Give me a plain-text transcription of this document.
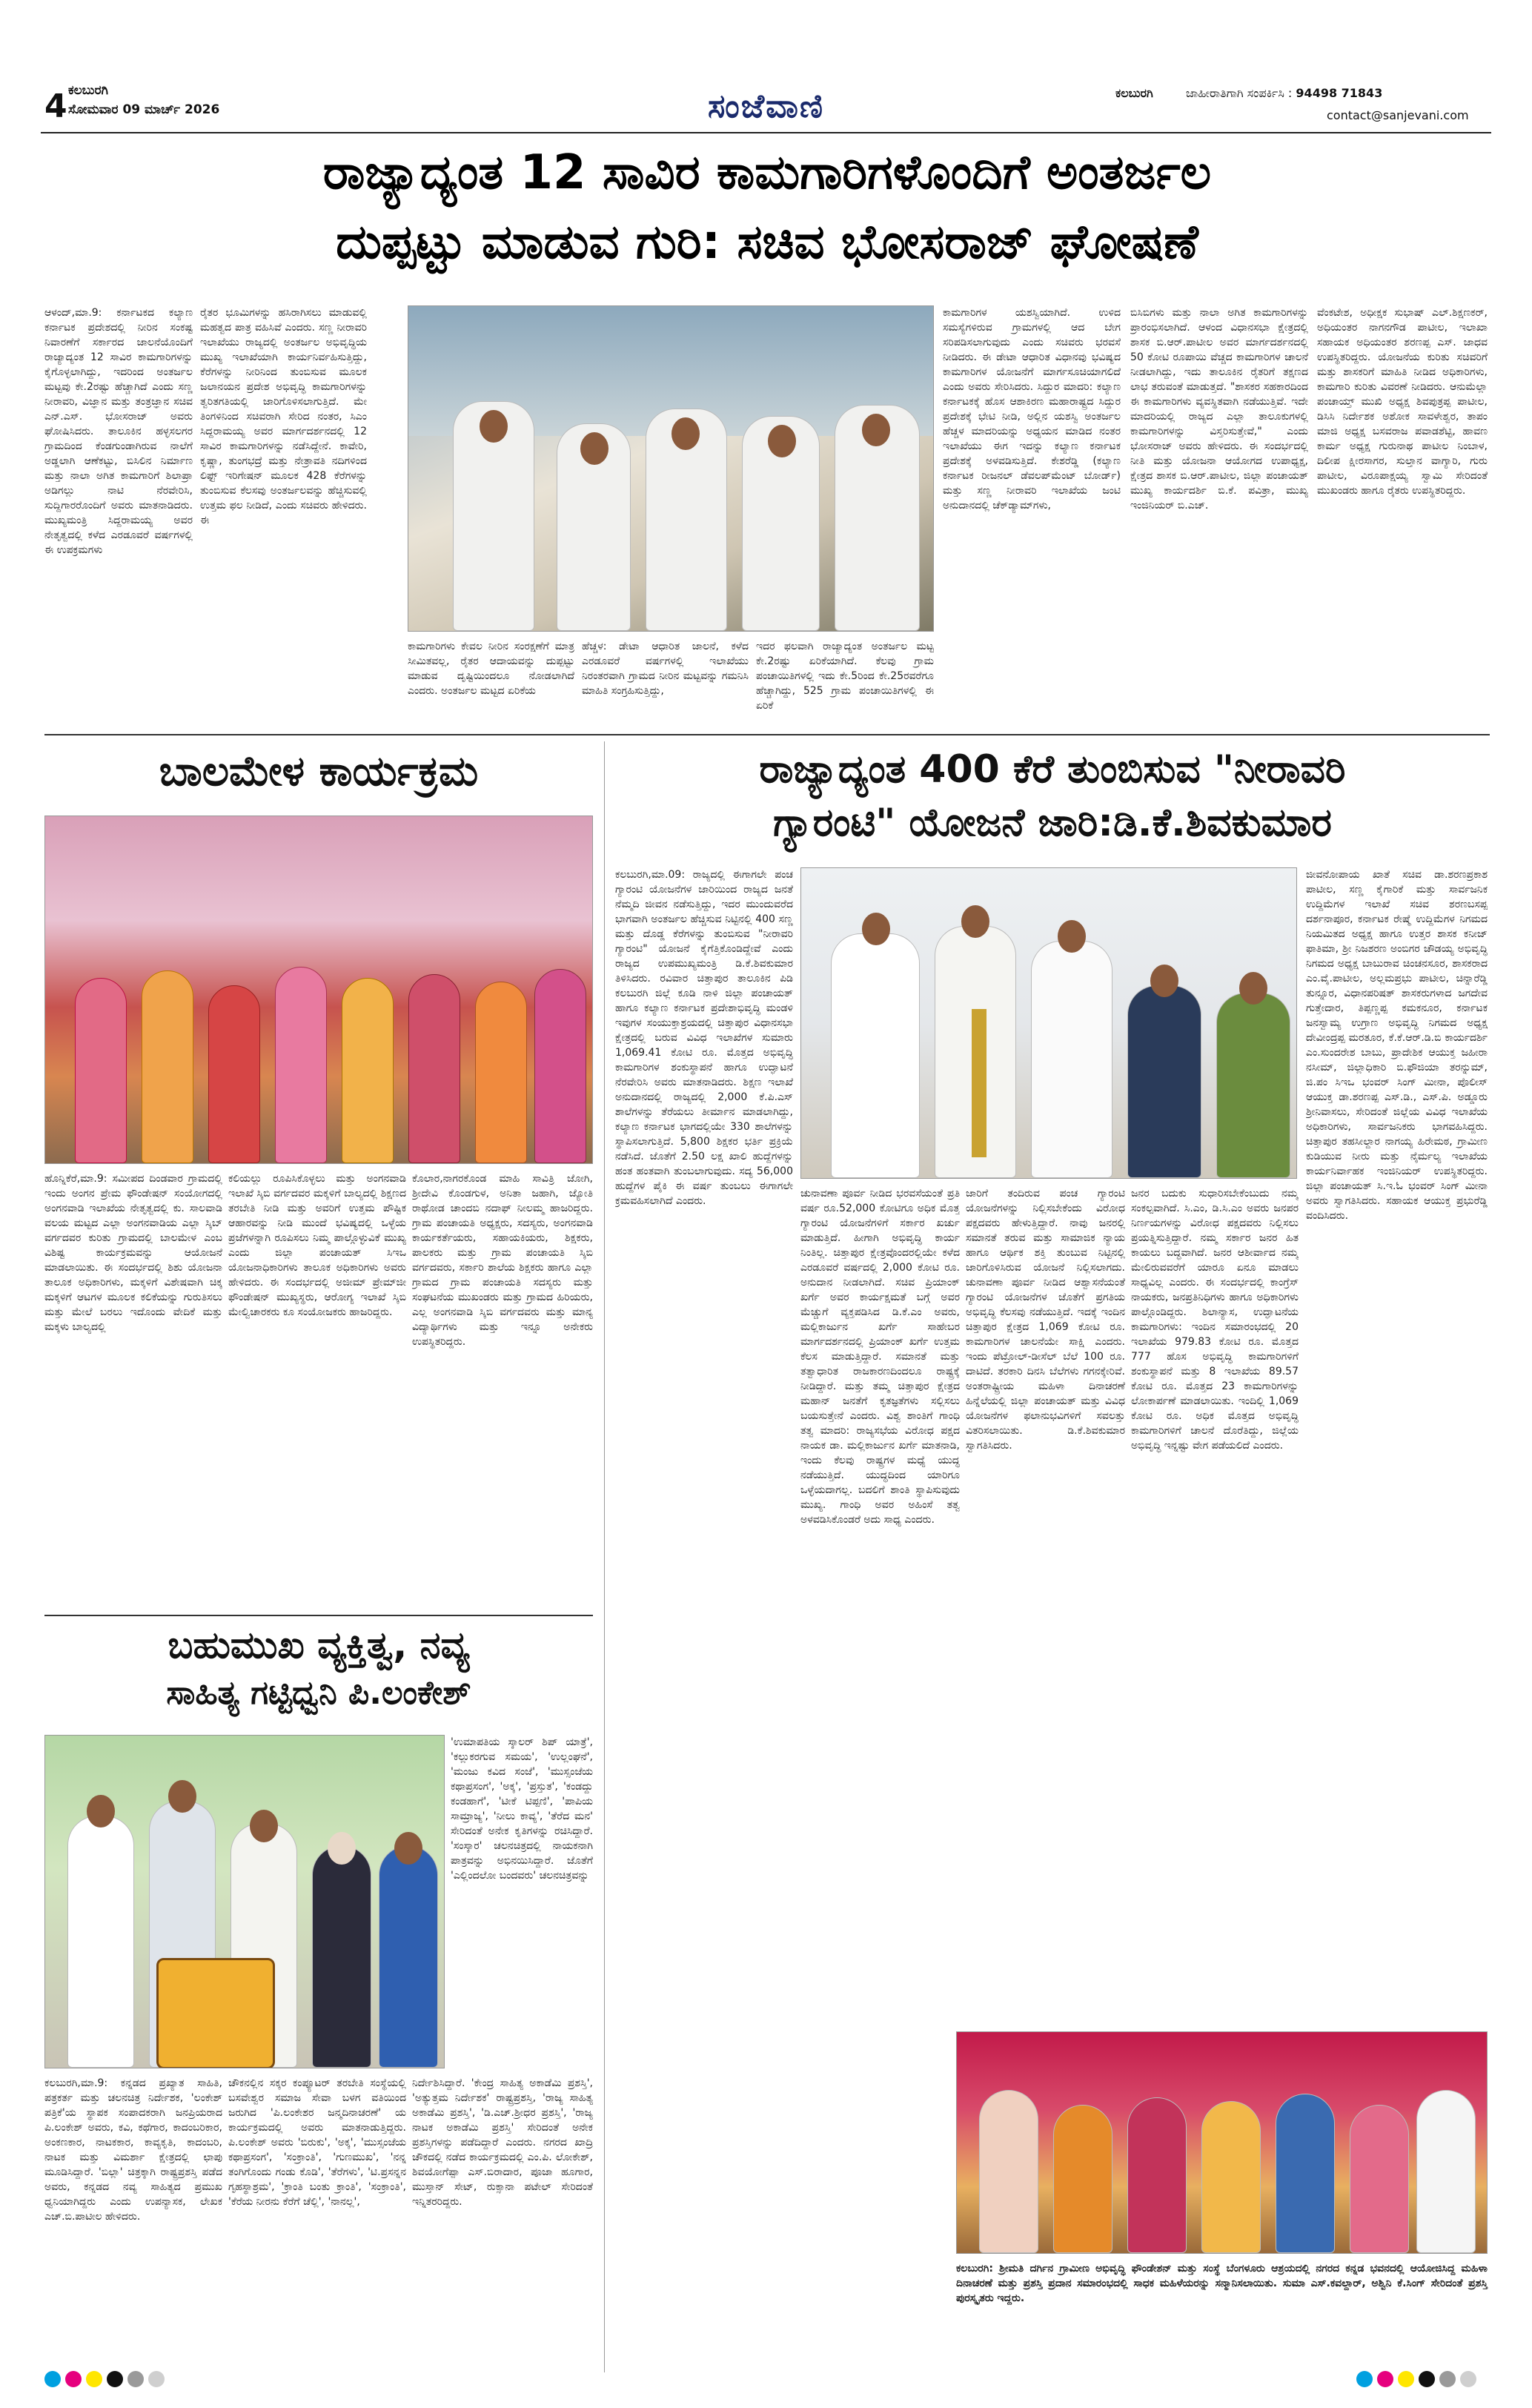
4 ಕಲಬುರಗಿ
ಸೋಮವಾರ 09 ಮಾರ್ಚ್ 2026	ಸಂಜೆವಾಣಿ	ಕಲಬುರಗಿ	ಜಾಹೀರಾತಿಗಾಗಿ ಸಂಪರ್ಕಿಸಿ : 94498 71843
contact@sanjevani.com
ರಾಜ್ಯಾದ್ಯಂತ 12 ಸಾವಿರ ಕಾಮಗಾರಿಗಳೊಂದಿಗೆ ಅಂತರ್ಜಲ
ದುಪ್ಪಟ್ಟು ಮಾಡುವ ಗುರಿ: ಸಚಿವ ಭೋಸರಾಜ್ ಘೋಷಣೆ
ಆಳಂದ್,ಮಾ.9: ಕರ್ನಾಟಕದ ಕಲ್ಯಾಣ ಕರ್ನಾಟಕ ಪ್ರದೇಶದಲ್ಲಿ ನೀರಿನ ಸಂಕಷ್ಟ ನಿವಾರಣೆಗೆ ಸರ್ಕಾರದ ಜಾಲನೆಯೊಂದಿಗೆ ರಾಜ್ಯಾದ್ಯಂತ 12 ಸಾವಿರ ಕಾಮಗಾರಿಗಳನ್ನು ಕೈಗೊಳ್ಳಲಾಗಿದ್ದು, ಇದರಿಂದ ಅಂತರ್ಜಲ ಮಟ್ಟವು ಕೇ.2ರಷ್ಟು ಹೆಚ್ಚಾಗಿದೆ ಎಂದು ಸಣ್ಣ ನೀರಾವರಿ, ವಿಜ್ಞಾನ ಮತ್ತು ತಂತ್ರಜ್ಞಾನ ಸಚಿವ ಎನ್.ಎಸ್. ಭೋಸರಾಜ್ ಅವರು ಘೋಷಿಸಿದರು. ತಾಲೂಕಿನ ಹಳ್ಳಸಲಗರ ಗ್ರಾಮದಿಂದ ಕೆಂಡಗುಂಡಾಗಿರುವ ನಾಲೆಗೆ ಅಡ್ಡಲಾಗಿ ಆಣೆಕಟ್ಟು, ಬಿಸಿಲಿನ ನಿರ್ಮಾಣ ಮತ್ತು ನಾಲಾ ಅಗಿತ ಕಾಮಗಾರಿಗೆ ಶಿಲಾಪ್ರಾ ಅಡಿಗಲ್ಲು ನಾಟಿ ನೆರವೇರಿಸಿ, ಸುದ್ದಿಗಾರರೊಂದಿಗೆ ಅವರು ಮಾತನಾಡಿದರು. ಮುಖ್ಯಮಂತ್ರಿ ಸಿದ್ದರಾಮಯ್ಯ ಅವರ ನೇತೃತ್ವದಲ್ಲಿ ಕಳೆದ ಎರಡೂವರೆ ವರ್ಷಗಳಲ್ಲಿ ಈ ಉಪಕ್ರಮಗಳು
ರೈತರ ಭೂಮಿಗಳನ್ನು ಹಸಿರಾಗಿಸಲು ಮಾಡುವಲ್ಲಿ ಮಹತ್ವದ ಪಾತ್ರ ವಹಿಸಿವೆ ಎಂದರು. ಸಣ್ಣ ನೀರಾವರಿ ಇಲಾಖೆಯು ರಾಜ್ಯದಲ್ಲಿ ಅಂತರ್ಜಲ ಅಭಿವೃದ್ಧಿಯ ಮುಖ್ಯ ಇಲಾಖೆಯಾಗಿ ಕಾರ್ಯನಿರ್ವಹಿಸುತ್ತಿದ್ದು, ಕೆರೆಗಳನ್ನು ನೀರಿನಿಂದ ತುಂಬಿಸುವ ಮೂಲಕ ಜಲಾನಯನ ಪ್ರದೇಶ ಅಭಿವೃದ್ಧಿ ಕಾಮಗಾರಿಗಳನ್ನು ತ್ವರಿತಗತಿಯಲ್ಲಿ ಜಾರಿಗೊಳಿಸಲಾಗುತ್ತಿದೆ. ಮೇ ತಿಂಗಳಿನಿಂದ ಸಚಿವರಾಗಿ ಸೇರಿದ ನಂತರ, ಸಿಎಂ ಸಿದ್ದರಾಮಯ್ಯ ಅವರ ಮಾರ್ಗದರ್ಶನದಲ್ಲಿ 12 ಸಾವಿರ ಕಾಮಗಾರಿಗಳನ್ನು ನಡೆಸಿದ್ದೇನೆ. ಕಾವೇರಿ, ಕೃಷ್ಣಾ, ತುಂಗಭದ್ರೆ ಮತ್ತು ನೇತ್ರಾವತಿ ನದಿಗಳಿಂದ ಲಿಫ್ಟ್ ಇರಿಗೇಷನ್ ಮೂಲಕ 428 ಕೆರೆಗಳನ್ನು ತುಂಬಿಸುವ ಕೆಲಸವು ಅಂತರ್ಜಲವನ್ನು ಹೆಚ್ಚಿಸುವಲ್ಲಿ ಉತ್ತಮ ಫಲ ನೀಡಿದೆ, ಎಂದು ಸಚಿವರು ಹೇಳಿದರು. ಈ
ಕಾಮಗಾರಿಗಳು ಕೇವಲ ನೀರಿನ ಸಂರಕ್ಷಣೆಗೆ ಮಾತ್ರ ಸೀಮಿತವಲ್ಲ, ರೈತರ ಆದಾಯವನ್ನು ದುಪ್ಪಟ್ಟು ಮಾಡುವ ದೃಷ್ಟಿಯಿಂದಲೂ ನೋಡಲಾಗಿದೆ ಎಂದರು. ಅಂತರ್ಜಲ ಮಟ್ಟದ ಏರಿಕೆಯ
ಹೆಚ್ಚಳ: ಡೇಟಾ ಆಧಾರಿತ ಜಾಲನೆ, ಕಳೆದ ಎರಡೂವರೆ ವರ್ಷಗಳಲ್ಲಿ ಇಲಾಖೆಯು ನಿರಂತರವಾಗಿ ಗ್ರಾಮದ ನೀರಿನ ಮಟ್ಟವನ್ನು ಗಮನಿಸಿ ಮಾಹಿತಿ ಸಂಗ್ರಹಿಸುತ್ತಿದ್ದು,
ಇದರ ಫಲವಾಗಿ ರಾಜ್ಯಾದ್ಯಂತ ಅಂತರ್ಜಲ ಮಟ್ಟ ಕೇ.2ರಷ್ಟು ಏರಿಕೆಯಾಗಿದೆ. ಕೆಲವು ಗ್ರಾಮ ಪಂಚಾಯಿತಿಗಳಲ್ಲಿ ಇದು ಕೇ.5ರಿಂದ ಕೇ.25ರವರೆಗೂ ಹೆಚ್ಚಾಗಿದ್ದು, 525 ಗ್ರಾಮ ಪಂಚಾಯಿತಿಗಳಲ್ಲಿ ಈ ಏರಿಕೆ
ಕಾಮಗಾರಿಗಳ ಯಶಸ್ವಿಯಾಗಿದೆ. ಉಳಿದ ಸಮಸ್ಯೆಗಳಿರುವ ಗ್ರಾಮಗಳಲ್ಲಿ ಆದ ಬೇಗ ಸರಿಪಡಿಸಲಾಗುವುದು ಎಂದು ಸಚಿವರು ಭರವಸೆ ನೀಡಿದರು. ಈ ಡೇಟಾ ಆಧಾರಿತ ವಿಧಾನವು ಭವಿಷ್ಯದ ಕಾಮಗಾರಿಗಳ ಯೋಜನೆಗೆ ಮಾರ್ಗಸೂಚಿಯಾಗಲಿದೆ ಎಂದು ಅವರು ಸೇರಿಸಿದರು. ಸಿದ್ದುರ ಮಾದರಿ: ಕಲ್ಯಾಣ ಕರ್ನಾಟಕಕ್ಕೆ ಹೊಸ ಆಶಾಕಿರಣ ಮಹಾರಾಷ್ಟ್ರದ ಸಿದ್ದುರ ಪ್ರದೇಶಕ್ಕೆ ಭೇಟಿ ನೀಡಿ, ಅಲ್ಲಿನ ಯಶಸ್ವಿ ಅಂತರ್ಜಲ ಹೆಚ್ಚಳ ಮಾದರಿಯನ್ನು ಅಧ್ಯಯನ ಮಾಡಿದ ನಂತರ ಇಲಾಖೆಯು ಈಗ ಇದನ್ನು ಕಲ್ಯಾಣ ಕರ್ನಾಟಕ ಪ್ರದೇಶಕ್ಕೆ ಅಳವಡಿಸುತ್ತಿದೆ. ಕೇಶರೆಡ್ಡಿ (ಕಲ್ಯಾಣ ಕರ್ನಾಟಕ ರೀಜನಲ್ ಡೆವಲಪ್‌ಮೆಂಟ್ ಬೋರ್ಡ್) ಮತ್ತು ಸಣ್ಣ ನೀರಾವರಿ ಇಲಾಖೆಯ ಜಂಟಿ ಅನುದಾನದಲ್ಲಿ ಚೆಕ್‌ಡ್ಯಾಮ್‌ಗಳು,
ಬಿಸಿಬಿಗಳು ಮತ್ತು ನಾಲಾ ಅಗಿತ ಕಾಮಗಾರಿಗಳನ್ನು ಪ್ರಾರಂಭಿಸಲಾಗಿದೆ. ಆಳಂದ ವಿಧಾನಸಭಾ ಕ್ಷೇತ್ರದಲ್ಲಿ ಶಾಸಕ ಬಿ.ಆರ್.ಪಾಟೀಲ ಅವರ ಮಾರ್ಗದರ್ಶನದಲ್ಲಿ 50 ಕೋಟಿ ರೂಪಾಯಿ ವೆಚ್ಚದ ಕಾಮಗಾರಿಗಳ ಚಾಲನೆ ನೀಡಲಾಗಿದ್ದು, ಇದು ತಾಲೂಕಿನ ರೈತರಿಗೆ ತಕ್ಷಣದ ಲಾಭ ತರುವಂತೆ ಮಾಡುತ್ತದೆ. "ಶಾಸಕರ ಸಹಕಾರದಿಂದ ಈ ಕಾಮಗಾರಿಗಳು ವ್ಯವಸ್ಥಿತವಾಗಿ ನಡೆಯುತ್ತಿವೆ. ಇದೇ ಮಾದರಿಯಲ್ಲಿ ರಾಜ್ಯದ ಎಲ್ಲಾ ತಾಲೂಕುಗಳಲ್ಲಿ ಕಾಮಗಾರಿಗಳನ್ನು ವಿಸ್ತರಿಸುತ್ತೇವೆ," ಎಂದು ಭೋಸರಾಜ್ ಅವರು ಹೇಳಿದರು. ಈ ಸಂದರ್ಭದಲ್ಲಿ ನೀತಿ ಮತ್ತು ಯೋಜನಾ ಆಯೋಗದ ಉಪಾಧ್ಯಕ್ಷ, ಕ್ಷೇತ್ರದ ಶಾಸಕ ಬಿ.ಆರ್.ಪಾಟೀಲ, ಜಿಲ್ಲಾ ಪಂಚಾಯತ್ ಮುಖ್ಯ ಕಾರ್ಯದರ್ಶಿ ಬಿ.ಕೆ. ಪವಿತ್ರಾ, ಮುಖ್ಯ ಇಂಜಿನಿಯರ್ ಬಿ.ಎಚ್.
ವೆಂಕಟೇಶ, ಅಧೀಕ್ಷಕ ಸುಭಾಷ್ ಎಲ್.ಶಿಕ್ಷಣಕರ್, ಅಧಿಯಂತರ ನಾಗನಗೌಡ ಪಾಟೀಲ, ಇಲಾಖಾ ಸಹಾಯಕ ಅಧಿಯಂತರ ಶರಣಪ್ಪ ಎಸ್. ಜಾಧವ ಉಪಸ್ಥಿತರಿದ್ದರು. ಯೋಜನೆಯ ಕುರಿತು ಸಚಿವರಿಗೆ ಮತ್ತು ಶಾಸಕರಿಗೆ ಮಾಹಿತಿ ನೀಡಿದ ಅಧಿಕಾರಿಗಳು, ಕಾಮಗಾರಿ ಕುರಿತು ವಿವರಣೆ ನೀಡಿದರು. ಆನುಮೆಲ್ಲಾ ಪಂಚಾಯ್ತ್ ಮುಖಿ ಅಧ್ಯಕ್ಷ ಶಿವಪುತ್ರಪ್ಪ ಪಾಟೀಲ, ಡಿಸಿಸಿ ನಿರ್ದೇಶಕ ಅಶೋಕ ಸಾವಳೇಶ್ವರ, ತಾಪಂ ಮಾಜಿ ಅಧ್ಯಕ್ಷ ಬಸವರಾಜ ಪವಾಡಶೆಟ್ಟಿ, ಹಾವಣ ಕಾರ್ಮ ಅಧ್ಯಕ್ಷ ಗುರುನಾಥ ಪಾಟೀಲ ನಿಂಬಾಳ, ದಿಲೀಪ ಕ್ಷೀರಸಾಗರ, ಸುಲ್ತಾನ ವಾಗ್ಯಾರಿ, ಗುರು ಪಾಟೀಲ, ವಿರೂಪಾಕ್ಷಯ್ಯ ಸ್ವಾಮಿ ಸೇರಿದಂತೆ ಮುಖಂಡರು ಹಾಗೂ ರೈತರು ಉಪಸ್ಥಿತರಿದ್ದರು.
ಬಾಲಮೇಳ ಕಾರ್ಯಕ್ರಮ
ಹೊನ್ನಿಕೆರೆ,ಮಾ.9: ಸಮೀಪದ ದಿಂಡವಾರ ಗ್ರಾಮದಲ್ಲಿ ಇಂದು ಅಂಗನ ಪ್ರೇಮ ಫೌಂಡೇಷನ್ ಸಂಯೋಗದಲ್ಲಿ ಅಂಗನವಾಡಿ ಇಲಾಖೆಯ ನೇತೃತ್ವದಲ್ಲಿ ಕು. ಸಾಲವಾಡಿ ವಲಯ ಮಟ್ಟದ ಎಲ್ಲಾ ಅಂಗನವಾಡಿಯ ಎಲ್ಲಾ ಸ್ಕಿಬ್ ವರ್ಗದವರ ಕುರಿತು ಗ್ರಾಮದಲ್ಲಿ ಬಾಲಮೇಳ ಎಂಬ ವಿಶಿಷ್ಟ ಕಾರ್ಯಕ್ರಮವನ್ನು ಆಯೋಜನೆ ಮಾಡಲಾಯಿತು. ಈ ಸಂದರ್ಭದಲ್ಲಿ ಶಿಶು ಯೋಜನಾ ತಾಲೂಕ ಅಧಿಕಾರಿಗಳು, ಮಕ್ಕಳಿಗೆ ವಿಶೇಷವಾಗಿ ಚಿಕ್ಕ ಮಕ್ಕಳಿಗೆ ಆಟಗಳ ಮೂಲಕ ಕಲಿಕೆಯನ್ನು ಗುರುತಿಸಲು ಮತ್ತು ಮೇಲೆ ಬರಲು ಇದೊಂದು ವೇದಿಕೆ ಮತ್ತು ಮಕ್ಕಳು ಬಾಲ್ಯದಲ್ಲಿ
ಕಲಿಯಲ್ಲು ರೂಪಿಸಿಕೊಳ್ಳಲು ಮತ್ತು ಅಂಗನವಾಡಿ ಇಲಾಖೆ ಸ್ಕಿಬಿ ವರ್ಗದವರ ಮಕ್ಕಳಿಗೆ ಬಾಲ್ಯದಲ್ಲಿ ಶಿಕ್ಷಣದ ತರಬೇತಿ ನೀಡಿ ಮತ್ತು ಅವರಿಗೆ ಉತ್ತಮ ಪೌಷ್ಟಿಕ ಆಹಾರವನ್ನು ನೀಡಿ ಮುಂದೆ ಭವಿಷ್ಯದಲ್ಲಿ ಒಳ್ಳೆಯ ಪ್ರಜೆಗಳನ್ನಾಗಿ ರೂಪಿಸಲು ನಿಮ್ಮ ಪಾಲ್ಗೊಳ್ಳುವಿಕೆ ಮುಖ್ಯ ಎಂದು ಜಿಲ್ಲಾ ಪಂಚಾಯತ್ ಸಿಇಒ ಯೋಜನಾಧಿಕಾರಿಗಳು ತಾಲೂಕ ಅಧಿಕಾರಿಗಳು ಅವರು ಹೇಳಿದರು. ಈ ಸಂದರ್ಭದಲ್ಲಿ ಅಜೀಮ್ ಪ್ರೇಮ್‌ಜೀ ಫೌಂಡೇಷನ್ ಮುಖ್ಯಸ್ಥರು, ಆರೋಗ್ಯ ಇಲಾಖೆ ಸ್ಕಿಬಿ ಮೇಲ್ವಿಚಾರಕರು ಕೂ ಸಂಯೋಜಕರು ಹಾಜರಿದ್ದರು.
ಕೊಲಾರ,ನಾಗರಕೊಂಡ ಮಾಹಿ ಸಾವಿತ್ರಿ ಜೋಗಿ, ಶ್ರೀದೇವಿ ಕೊಂಡಗುಳ, ಅನಿತಾ ಜಹಾಗಿ, ಜ್ಯೋತಿ ರಾಥೋಡ ಚಾಂದಬಿ ನದಾಫ್ ನೀಲಮ್ಮ ಹಾಜರಿದ್ದರು. ಗ್ರಾಮ ಪಂಚಾಯತಿ ಅಧ್ಯಕ್ಷರು, ಸದಸ್ಯರು, ಅಂಗನವಾಡಿ ಕಾರ್ಯಕರ್ತೆಯರು, ಸಹಾಯಕಿಯರು, ಶಿಕ್ಷಕರು, ಪಾಲಕರು ಮತ್ತು ಗ್ರಾಮ ಪಂಚಾಯತಿ ಸ್ಕಿಬಿ ವರ್ಗದವರು, ಸರ್ಕಾರಿ ಶಾಲೆಯ ಶಿಕ್ಷಕರು ಹಾಗೂ ಎಲ್ಲಾ ಗ್ರಾಮದ ಗ್ರಾಮ ಪಂಚಾಯತಿ ಸದಸ್ಯರು ಮತ್ತು ಸಂಘಟನೆಯ ಮುಖಂಡರು ಮತ್ತು ಗ್ರಾಮದ ಹಿರಿಯರು, ಎಲ್ಲ ಅಂಗನವಾಡಿ ಸ್ಕಿಬಿ ವರ್ಗದವರು ಮತ್ತು ಮಾನ್ಯ ವಿದ್ಯಾರ್ಥಿಗಳು ಮತ್ತು ಇನ್ನೂ ಅನೇಕರು ಉಪಸ್ಥಿತರಿದ್ದರು.
ಬಹುಮುಖ ವ್ಯಕ್ತಿತ್ವ, ನವ್ಯ
ಸಾಹಿತ್ಯ ಗಟ್ಟಿಧ್ವನಿ ಪಿ.ಲಂಕೇಶ್
'ಉಮಾಪತಿಯ ಸ್ಕಾಲರ್ ಶಿಪ್ ಯಾತ್ರೆ', 'ಕಲ್ಲುಕರಗುವ ಸಮಯ', 'ಉಲ್ಲಂಘನೆ', 'ಮಂಜು ಕವಿದ ಸಂಜೆ', 'ಮುಸ್ಸಂಜೆಯ ಕಥಾಪ್ರಸಂಗ', 'ಅಕ್ಕ', 'ಪ್ರಸ್ತುತ', 'ಕಂಡದ್ದು ಕಂಡಹಾಗೆ', 'ಟೀಕೆ ಟಿಪ್ಪಣಿ', 'ಪಾಪಿಯ ಸಾಮ್ರಾಜ್ಯ', 'ನೀಲು ಕಾವ್ಯ', 'ತೆರೆದ ಮನ' ಸೇರಿದಂತೆ ಅನೇಕ ಕೃತಿಗಳನ್ನು ರಚಿಸಿದ್ದಾರೆ. 'ಸಂಸ್ಕಾರ' ಚಲನಚಿತ್ರದಲ್ಲಿ ನಾಯಕನಾಗಿ ಪಾತ್ರವನ್ನು ಅಭಿನಯಿಸಿದ್ದಾರೆ. ಜೊತೆಗೆ 'ಎಲ್ಲಿಂದಲೋ ಬಂದವರು' ಚಲನಚಿತ್ರವನ್ನು
ಕಲಬುರಗಿ,ಮಾ.9: ಕನ್ನಡದ ಪ್ರಖ್ಯಾತ ಸಾಹಿತಿ, ಪತ್ರಕರ್ತ ಮತ್ತು ಚಲನಚಿತ್ರ ನಿರ್ದೇಶಕ, 'ಲಂಕೇಶ್ ಪತ್ರಿಕೆ'ಯ ಸ್ಥಾಪಕ ಸಂಪಾದಕರಾಗಿ ಜನಪ್ರಿಯರಾದ ಪಿ.ಲಂಕೇಶ್ ಅವರು, ಕವಿ, ಕಥೆಗಾರ, ಕಾದಂಬರಿಕಾರ, ಅಂಕಣಕಾರ, ನಾಟಕಕಾರ, ಕಾವ್ಯಕೃತಿ, ಕಾದಂಬರಿ, ನಾಟಕ ಮತ್ತು ವಿಮರ್ಶಾ ಕ್ಷೇತ್ರದಲ್ಲಿ ಛಾಪು ಮೂಡಿಸಿದ್ದಾರೆ. 'ಬಿಲ್ಲಾ' ಚಿತ್ರಕ್ಕಾಗಿ ರಾಷ್ಟ್ರಪ್ರಶಸ್ತಿ ಪಡೆದ ಅವರು, ಕನ್ನಡದ ನವ್ಯ ಸಾಹಿತ್ಯದ ಪ್ರಮುಖ ಧ್ವನಿಯಾಗಿದ್ದರು ಎಂದು ಉಪನ್ಯಾಸಕ, ಲೇಖಕ ಎಚ್.ಬಿ.ಪಾಟೀಲ ಹೇಳಿದರು.
ಚೌಕನಲ್ಲಿನ ಸಕ್ಕರ ಕಂಪ್ಯೂಟರ್ ತರಬೇತಿ ಸಂಸ್ಥೆಯಲ್ಲಿ ಬಸವೇಶ್ವರ ಸಮಾಜ ಸೇವಾ ಬಳಗ ವತಿಯಿಂದ ಜರುಗಿದ 'ಪಿ.ಲಂಕೇಶರ ಜನ್ಮದಿನಾಚರಣೆ' ಯ ಕಾರ್ಯಕ್ರಮದಲ್ಲಿ ಅವರು ಮಾತನಾಡುತ್ತಿದ್ದರು. ಪಿ.ಲಂಕೇಶ್ ಅವರು 'ಬಿರುಕು', 'ಅಕ್ಕ', 'ಮುಸ್ಸಂಜೆಯ ಕಥಾಪ್ರಸಂಗ', 'ಸಂಕ್ರಾಂತಿ', 'ಗುಣಮುಖ', 'ನನ್ನ ತಂಗಿಗೊಂದು ಗಂಡು ಕೊಡಿ', 'ತೆರೆಗಳು', 'ಟಿ.ಪ್ರಸನ್ನನ ಗೃಹಸ್ಥಾಶ್ರಮ', 'ಕ್ರಾಂತಿ ಬಂತು ಕ್ರಾಂತಿ', 'ಸಂಕ್ರಾಂತಿ', 'ಕೆರೆಯ ನೀರನು ಕೆರೆಗೆ ಚೆಲ್ಲಿ', 'ನಾನಲ್ಲ',
ನಿರ್ದೇಶಿಸಿದ್ದಾರೆ. 'ಕೇಂದ್ರ ಸಾಹಿತ್ಯ ಅಕಾಡೆಮಿ ಪ್ರಶಸ್ತಿ', 'ಅತ್ಯುತ್ತಮ ನಿರ್ದೇಶಕ' ರಾಷ್ಟ್ರಪ್ರಶಸ್ತಿ, 'ರಾಜ್ಯ ಸಾಹಿತ್ಯ ಅಕಾಡೆಮಿ ಪ್ರಶಸ್ತಿ', 'ಡಿ.ಎಚ್.ಶ್ರೀಧರ ಪ್ರಶಸ್ತಿ', 'ರಾಜ್ಯ ನಾಟಕ ಅಕಾಡೆಮಿ ಪ್ರಶಸ್ತಿ' ಸೇರಿದಂತೆ ಅನೇಕ ಪ್ರಶಸ್ತಿಗಳನ್ನು ಪಡೆದಿದ್ದಾರೆ ಎಂದರು. ನಗರದ ಖಾದ್ರಿ ಚೌಕದಲ್ಲಿ ನಡೆದ ಕಾರ್ಯಕ್ರಮದಲ್ಲಿ ಎಂ.ಪಿ. ಲೋಕೇಶ್, ಶಿವಯೋಗೆಪ್ಪಾ ಎಸ್.ಬಿರಾದಾರ, ಪೂಜಾ ಹೂಗಾರ, ಮುಸ್ತಾನ್ ಸೇಟ್, ರುಕ್ಸಾನಾ ಪಟೇಲ್ ಸೇರಿದಂತೆ ಇನ್ನಿತರರಿದ್ದರು.
ರಾಜ್ಯಾದ್ಯಂತ 400 ಕೆರೆ ತುಂಬಿಸುವ "ನೀರಾವರಿ
ಗ್ಯಾರಂಟಿ" ಯೋಜನೆ ಜಾರಿ:ಡಿ.ಕೆ.ಶಿವಕುಮಾರ
ಕಲಬುರಗಿ,ಮಾ.09: ರಾಜ್ಯದಲ್ಲಿ ಈಗಾಗಲೇ ಪಂಚ ಗ್ಯಾರಂಟಿ ಯೋಜನೆಗಳ ಜಾರಿಯಿಂದ ರಾಜ್ಯದ ಜನತೆ ನೆಮ್ಮದಿ ಜೀವನ ನಡೆಸುತ್ತಿದ್ದು, ಇದರ ಮುಂದುವರೆದ ಭಾಗವಾಗಿ ಅಂತರ್ಜಲ ಹೆಚ್ಚಿಸುವ ನಿಟ್ಟಿನಲ್ಲಿ 400 ಸಣ್ಣ ಮತ್ತು ದೊಡ್ಡ ಕೆರೆಗಳನ್ನು ತುಂಬಿಸುವ "ನೀರಾವರಿ ಗ್ಯಾರಂಟಿ" ಯೋಜನೆ ಕೈಗೆತ್ತಿಕೊಂಡಿದ್ದೇವೆ ಎಂದು ರಾಜ್ಯದ ಉಪಮುಖ್ಯಮಂತ್ರಿ ಡಿ.ಕೆ.ಶಿವಕುಮಾರ ತಿಳಿಸಿದರು. ರವಿವಾರ ಚಿತ್ತಾಪುರ ತಾಲೂಕಿನ ಪಿಡಿ ಕಲಬುರಗಿ ಜಿಲ್ಲೆ ಕೂಡಿ ನಾಳಿ ಜಿಲ್ಲಾ ಪಂಚಾಯತ್ ಹಾಗೂ ಕಲ್ಯಾಣ ಕರ್ನಾಟಕ ಪ್ರದೇಶಾಭಿವೃದ್ಧಿ ಮಂಡಳಿ ಇವುಗಳ ಸಂಯುಕ್ತಾಶ್ರಯದಲ್ಲಿ ಚಿತ್ತಾಪುರ ವಿಧಾನಸಭಾ ಕ್ಷೇತ್ರದಲ್ಲಿ ಬರುವ ವಿವಿಧ ಇಲಾಖೆಗಳ ಸುಮಾರು 1,069.41 ಕೋಟಿ ರೂ. ಮೊತ್ತದ ಅಭಿವೃದ್ಧಿ ಕಾಮಗಾರಿಗಳ ಶಂಕುಸ್ಥಾಪನೆ ಹಾಗೂ ಉದ್ಘಾಟನೆ ನೆರವೇರಿಸಿ ಅವರು ಮಾತನಾಡಿದರು. ಶಿಕ್ಷಣ ಇಲಾಖೆ ಅನುದಾನದಲ್ಲಿ ರಾಜ್ಯದಲ್ಲಿ 2,000 ಕೆ.ಪಿ.ಎಸ್ ಶಾಲೆಗಳನ್ನು ತೆರೆಯಲು ತೀರ್ಮಾನ ಮಾಡಲಾಗಿದ್ದು, ಕಲ್ಯಾಣ ಕರ್ನಾಟಕ ಭಾಗದಲ್ಲಿಯೇ 330 ಶಾಲೆಗಳನ್ನು ಸ್ಥಾಪಿಸಲಾಗುತ್ತಿದೆ. 5,800 ಶಿಕ್ಷಕರ ಭರ್ತಿ ಪ್ರಕ್ರಿಯೆ ನಡೆಸಿದೆ. ಜೊತೆಗೆ 2.50 ಲಕ್ಷ ಖಾಲಿ ಹುದ್ದೆಗಳನ್ನು ಹಂತ ಹಂತವಾಗಿ ತುಂಬಲಾಗುವುದು. ಸದ್ಯ 56,000 ಹುದ್ದೆಗಳ ಪೈಕಿ ಈ ವರ್ಷ ತುಂಬಲು ಈಗಾಗಲೇ ಕ್ರಮವಹಿಸಲಾಗಿದೆ ಎಂದರು.
ಜೀವನೋಪಾಯ ಖಾತೆ ಸಚಿವ ಡಾ.ಶರಣಪ್ರಕಾಶ ಪಾಟೀಲ, ಸಣ್ಣ ಕೈಗಾರಿಕೆ ಮತ್ತು ಸಾರ್ವಜನಿಕ ಉದ್ದಿಮೆಗಳ ಇಲಾಖೆ ಸಚಿವ ಶರಣಬಸಪ್ಪ ದರ್ಶನಾಪೂರ, ಕರ್ನಾಟಕ ರೇಷ್ಮೆ ಉದ್ದಿಮೆಗಳ ನಿಗಮದ ನಿಯಮಿತದ ಅಧ್ಯಕ್ಷ ಹಾಗೂ ಉತ್ತರ ಶಾಸಕ ಕನೀಜ್ ಫಾತಿಮಾ, ಶ್ರೀ ನಿಜಶರಣ ಅಂಬಿಗರ ಚೌಡಯ್ಯ ಅಭಿವೃದ್ಧಿ ನಿಗಮದ ಅಧ್ಯಕ್ಷ ಬಾಬುರಾವ ಚಿಂಚನಸೂರ, ಶಾಸಕರಾದ ಎಂ.ವೈ.ಪಾಟೀಲ, ಅಲ್ಲಮಪ್ರಭು ಪಾಟೀಲ, ಚಿನ್ನಾರೆಡ್ಡಿ ತುನ್ನೂರ, ವಿಧಾನಪರಿಷತ್ ಶಾಸಕರುಗಳಾದ ಜಗದೇವ ಗುತ್ತೇದಾರ, ತಿಪ್ಪಣ್ಣಪ್ಪ ಕಮಕನೂರ, ಕರ್ನಾಟಕ ಜನಸ್ವಾಮ್ಯ ಉಗ್ರಾಣ ಅಭಿವೃದ್ಧಿ ನಿಗಮದ ಅಧ್ಯಕ್ಷ ದೇವೀಂದ್ರಪ್ಪ ಮರತೂರ, ಕೆ.ಕೆ.ಆರ್.ಡಿ.ಬಿ ಕಾರ್ಯದರ್ಶಿ ಎಂ.ಸುಂದರೇಶ ಬಾಬು, ಪ್ರಾದೇಶಿಕ ಆಯುಕ್ತ ಜಹೀರಾ ನಸೀಮ್, ಜಿಲ್ಲಾಧಿಕಾರಿ ಬಿ.ಫೌಜಿಯಾ ತರನ್ನುಮ್, ಜಿ.ಪಂ ಸಿಇಒ ಭಂವರ್ ಸಿಂಗ್ ಮೀನಾ, ಪೊಲೀಸ್ ಆಯುಕ್ತ ಡಾ.ಶರಣಪ್ಪ ಎಸ್.ಡಿ., ಎಸ್.ಪಿ. ಅಡ್ಡೂರು ಶ್ರೀನಿವಾಸಲು, ಸೇರಿದಂತೆ ಜಿಲ್ಲೆಯ ವಿವಿಧ ಇಲಾಖೆಯ ಅಧಿಕಾರಿಗಳು, ಸಾರ್ವಜನಿಕರು ಭಾಗವಹಿಸಿದ್ದರು. ಚಿತ್ತಾಪುರ ತಹಸೀಲ್ದಾರ ನಾಗಯ್ಯ ಹಿರೇಮಠ, ಗ್ರಾಮೀಣ ಕುಡಿಯುವ ನೀರು ಮತ್ತು ನೈರ್ಮಲ್ಯ ಇಲಾಖೆಯ ಕಾರ್ಯನಿರ್ವಾಹಕ ಇಂಜಿನಿಯರ್ ಉಪಸ್ಥಿತರಿದ್ದರು. ಜಿಲ್ಲಾ ಪಂಚಾಯತ್ ಸಿ.ಇ.ಓ ಭಂವರ್ ಸಿಂಗ್ ಮೀನಾ ಅವರು ಸ್ವಾಗತಿಸಿದರು. ಸಹಾಯಕ ಆಯುಕ್ತ ಪ್ರಭುರೆಡ್ಡಿ ವಂದಿಸಿದರು.
ಚುನಾವಣಾ ಪೂರ್ವ ನೀಡಿದ ಭರವಸೆಯಂತೆ ಪ್ರತಿ ವರ್ಷ ರೂ.52,000 ಕೋಟಿಗೂ ಅಧಿಕ ಮೊತ್ತ ಗ್ಯಾರಂಟಿ ಯೋಜನೆಗಳಿಗೆ ಸರ್ಕಾರ ಖರ್ಚು ಮಾಡುತ್ತಿದೆ. ಹೀಗಾಗಿ ಅಭಿವೃದ್ಧಿ ಕಾರ್ಯ ನಿಂತಿಲ್ಲ. ಚಿತ್ತಾಪುರ ಕ್ಷೇತ್ರವೊಂದರಲ್ಲಿಯೇ ಕಳೆದ ಎರಡೂವರೆ ವರ್ಷದಲ್ಲಿ 2,000 ಕೋಟಿ ರೂ. ಅನುದಾನ ನೀಡಲಾಗಿದೆ. ಸಚಿವ ಪ್ರಿಯಾಂಕ್ ಖರ್ಗೆ ಅವರ ಕಾರ್ಯಕ್ಷಮತೆ ಬಗ್ಗೆ ಅವರ ಮೆಚ್ಚುಗೆ ವ್ಯಕ್ತಪಡಿಸಿದ ಡಿ.ಕೆ.ಎಂ ಅವರು, ಮಲ್ಲಿಕಾರ್ಜುನ ಖರ್ಗೆ ಸಾಹೇಬರ ಮಾರ್ಗದರ್ಶನದಲ್ಲಿ ಪ್ರಿಯಾಂಕ್ ಖರ್ಗೆ ಉತ್ತಮ ಕೆಲಸ ಮಾಡುತ್ತಿದ್ದಾರೆ. ಸಮಾನತೆ ಮತ್ತು ತತ್ವಾಧಾರಿತ ರಾಜಕಾರಣದಿಂದಲೂ ರಾಷ್ಟ್ರಕ್ಕೆ ನೀಡಿದ್ದಾರೆ. ಮತ್ತು ತಮ್ಮ ಚಿತ್ತಾಪುರ ಕ್ಷೇತ್ರದ ಮಹಾನ್ ಜನತೆಗೆ ಕೃತಜ್ಞತೆಗಳು ಸಲ್ಲಿಸಲು ಬಯಸುತ್ತೇನೆ ಎಂದರು. ವಿಶ್ವ ಶಾಂತಿಗೆ ಗಾಂಧಿ ತತ್ವ ಮಾದರಿ: ರಾಜ್ಯಸಭೆಯ ವಿರೋಧ ಪಕ್ಷದ ನಾಯಕ ಡಾ. ಮಲ್ಲಿಕಾರ್ಜುನ ಖರ್ಗೆ ಮಾತನಾಡಿ, ಇಂದು ಕೆಲವು ರಾಷ್ಟ್ರಗಳ ಮಧ್ಯೆ ಯುದ್ಧ ನಡೆಯುತ್ತಿದೆ. ಯುದ್ಧದಿಂದ ಯಾರಿಗೂ ಒಳ್ಳೆಯದಾಗಲ್ಲ. ಬದಲಿಗೆ ಶಾಂತಿ ಸ್ಥಾಪಿಸುವುದು ಮುಖ್ಯ. ಗಾಂಧಿ ಅವರ ಅಹಿಂಸೆ ತತ್ವ ಅಳವಡಿಸಿಕೊಂಡರೆ ಅದು ಸಾಧ್ಯ ಎಂದರು.
ಜಾರಿಗೆ ತಂದಿರುವ ಪಂಚ ಗ್ಯಾರಂಟಿ ಯೋಜನೆಗಳನ್ನು ನಿಲ್ಲಿಸಬೇಕೆಂದು ವಿರೋಧ ಪಕ್ಷದವರು ಹೇಳುತ್ತಿದ್ದಾರೆ. ನಾವು ಜನರಲ್ಲಿ ಸಮಾನತೆ ತರುವ ಮತ್ತು ಸಾಮಾಜಿಕ ನ್ಯಾಯ ಹಾಗೂ ಆರ್ಥಿಕ ಶಕ್ತಿ ತುಂಬುವ ನಿಟ್ಟಿನಲ್ಲಿ ಜಾರಿಗೊಳಿಸಿರುವ ಯೋಜನೆ ನಿಲ್ಲಿಸಲಾಗದು. ಚುನಾವಣಾ ಪೂರ್ವ ನೀಡಿದ ಆಶ್ವಾಸನೆಯಂತೆ ಗ್ಯಾರಂಟಿ ಯೋಜನೆಗಳ ಜೊತೆಗೆ ಪ್ರಗತಿಯ ಅಭಿವೃದ್ಧಿ ಕೆಲಸವು ನಡೆಯುತ್ತಿದೆ. ಇದಕ್ಕೆ ಇಂದಿನ ಚಿತ್ತಾಪುರ ಕ್ಷೇತ್ರದ 1,069 ಕೋಟಿ ರೂ. ಕಾಮಗಾರಿಗಳ ಚಾಲನೆಯೇ ಸಾಕ್ಷಿ ಎಂದರು. ಇಂದು ಪೆಟ್ರೋಲ್-ಡೀಸೆಲ್ ಬೆಲೆ 100 ರೂ. ದಾಟಿದೆ. ತರಕಾರಿ ದಿನಸಿ ಬೆಲೆಗಳು ಗಗನಕ್ಕೇರಿವೆ. ಅಂತರಾಷ್ಟ್ರೀಯ ಮಹಿಳಾ ದಿನಾಚರಣೆ ಹಿನ್ನೆಲೆಯಲ್ಲಿ ಜಿಲ್ಲಾ ಪಂಚಾಯತ್ ಮತ್ತು ವಿವಿಧ ಯೋಜನೆಗಳ ಫಲಾನುಭವಿಗಳಿಗೆ ಸವಲತ್ತು ವಿತರಿಸಲಾಯಿತು. ಡಿ.ಕೆ.ಶಿವಕುಮಾರ ಸ್ವಾಗತಿಸಿದರು.
ಜನರ ಬದುಕು ಸುಧಾರಿಸಬೇಕೆಂಬುದು ನಮ್ಮ ಸಂಕಲ್ಪವಾಗಿದೆ. ಸಿ.ಎಂ, ಡಿ.ಸಿ.ಎಂ ಅವರು ಜನಪರ ನಿರ್ಣಯಗಳನ್ನು ವಿರೋಧ ಪಕ್ಷದವರು ನಿಲ್ಲಿಸಲು ಪ್ರಯತ್ನಿಸುತ್ತಿದ್ದಾರೆ. ನಮ್ಮ ಸರ್ಕಾರ ಜನರ ಹಿತ ಕಾಯಲು ಬದ್ಧವಾಗಿದೆ. ಜನರ ಆಶೀರ್ವಾದ ನಮ್ಮ ಮೇಲಿರುವವರೆಗೆ ಯಾರೂ ಏನೂ ಮಾಡಲು ಸಾಧ್ಯವಿಲ್ಲ ಎಂದರು. ಈ ಸಂದರ್ಭದಲ್ಲಿ ಕಾಂಗ್ರೆಸ್ ನಾಯಕರು, ಜನಪ್ರತಿನಿಧಿಗಳು ಹಾಗೂ ಅಧಿಕಾರಿಗಳು ಪಾಲ್ಗೊಂಡಿದ್ದರು. ಶಿಲಾನ್ಯಾಸ, ಉದ್ಘಾಟನೆಯ ಕಾಮಗಾರಿಗಳು: ಇಂದಿನ ಸಮಾರಂಭದಲ್ಲಿ 20 ಇಲಾಖೆಯ 979.83 ಕೋಟಿ ರೂ. ಮೊತ್ತದ 777 ಹೊಸ ಅಭಿವೃದ್ಧಿ ಕಾಮಗಾರಿಗಳಿಗೆ ಶಂಕುಸ್ಥಾಪನೆ ಮತ್ತು 8 ಇಲಾಖೆಯ 89.57 ಕೋಟಿ ರೂ. ಮೊತ್ತದ 23 ಕಾಮಗಾರಿಗಳನ್ನು ಲೋಕಾರ್ಪಣೆ ಮಾಡಲಾಯಿತು. ಇಂದಿಲ್ಲಿ 1,069 ಕೋಟಿ ರೂ. ಅಧಿಕ ಮೊತ್ತದ ಅಭಿವೃದ್ಧಿ ಕಾಮಗಾರಿಗಳಿಗೆ ಚಾಲನೆ ದೊರೆತಿದ್ದು, ಜಿಲ್ಲೆಯ ಅಭಿವೃದ್ಧಿ ಇನ್ನಷ್ಟು ವೇಗ ಪಡೆಯಲಿದೆ ಎಂದರು.
ಕಲಬುರಗಿ: ಶ್ರೀಮತಿ ದರ್ಗಿನ ಗ್ರಾಮೀಣ ಅಭಿವೃದ್ಧಿ ಫೌಂಡೇಶನ್ ಮತ್ತು ಸಂಸ್ಥೆ ಬೆಂಗಳೂರು ಆಶ್ರಯದಲ್ಲಿ ನಗರದ ಕನ್ನಡ ಭವನದಲ್ಲಿ ಆಯೋಜಿಸಿದ್ದ ಮಹಿಳಾ ದಿನಾಚರಣೆ ಮತ್ತು ಪ್ರಶಸ್ತಿ ಪ್ರದಾನ ಸಮಾರಂಭದಲ್ಲಿ ಸಾಧಕ ಮಹಿಳೆಯರನ್ನು ಸನ್ಮಾನಿಸಲಾಯಿತು. ಸುಮಾ ಎಸ್.ಕವಲ್ದಾರ್, ಅಶ್ವಿನಿ ಕೆ.ಸಿಂಗ್ ಸೇರಿದಂತೆ ಪ್ರಶಸ್ತಿ ಪುರಸ್ಕೃತರು ಇದ್ದರು.
